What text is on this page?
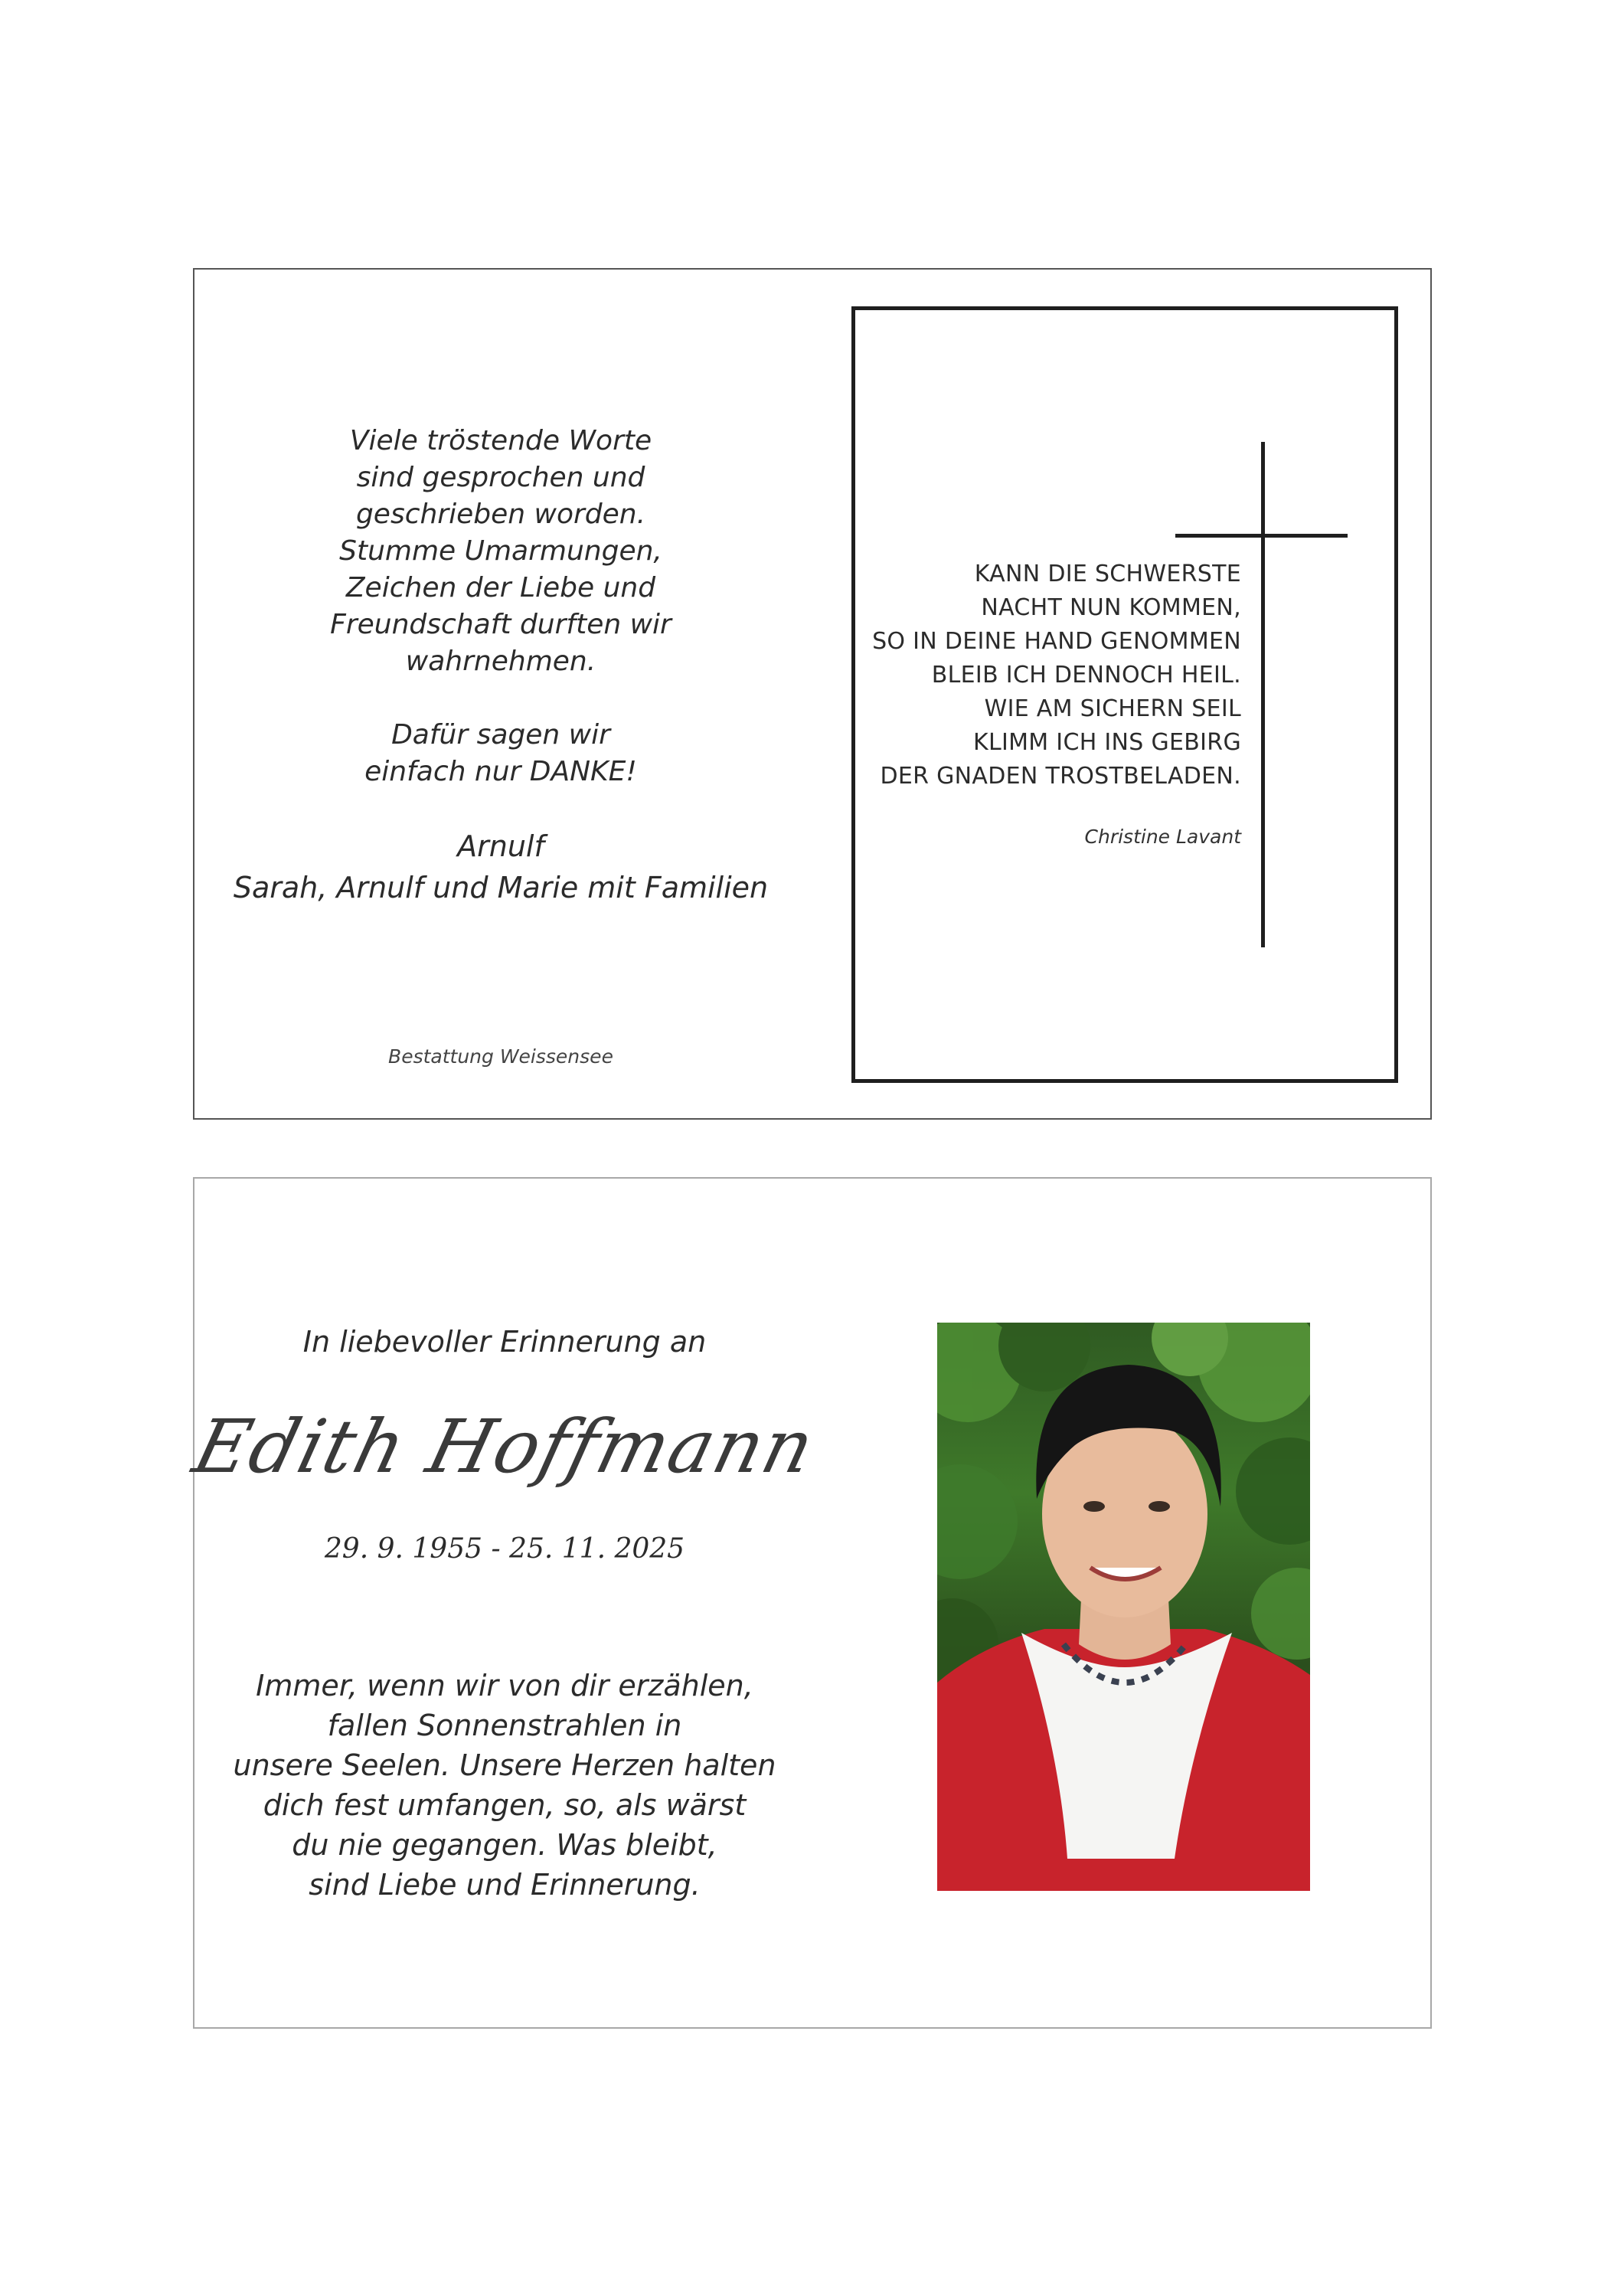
Viele tröstende Worte
sind gesprochen und
geschrieben worden.
Stumme Umarmungen,
Zeichen der Liebe und
Freundschaft durften wir
wahrnehmen.

Dafür sagen wir
einfach nur DANKE!
Arnulf
Sarah, Arnulf und Marie mit Familien
Bestattung Weissensee
KANN DIE SCHWERSTE
NACHT NUN KOMMEN,
SO IN DEINE HAND GENOMMEN
BLEIB ICH DENNOCH HEIL.
WIE AM SICHERN SEIL
KLIMM ICH INS GEBIRG
DER GNADEN TROSTBELADEN.
Christine Lavant
In liebevoller Erinnerung an
Edith Hoffmann
29. 9. 1955 - 25. 11. 2025
Immer, wenn wir von dir erzählen,
fallen Sonnenstrahlen in
unsere Seelen. Unsere Herzen halten
dich fest umfangen, so, als wärst
du nie gegangen. Was bleibt,
sind Liebe und Erinnerung.
